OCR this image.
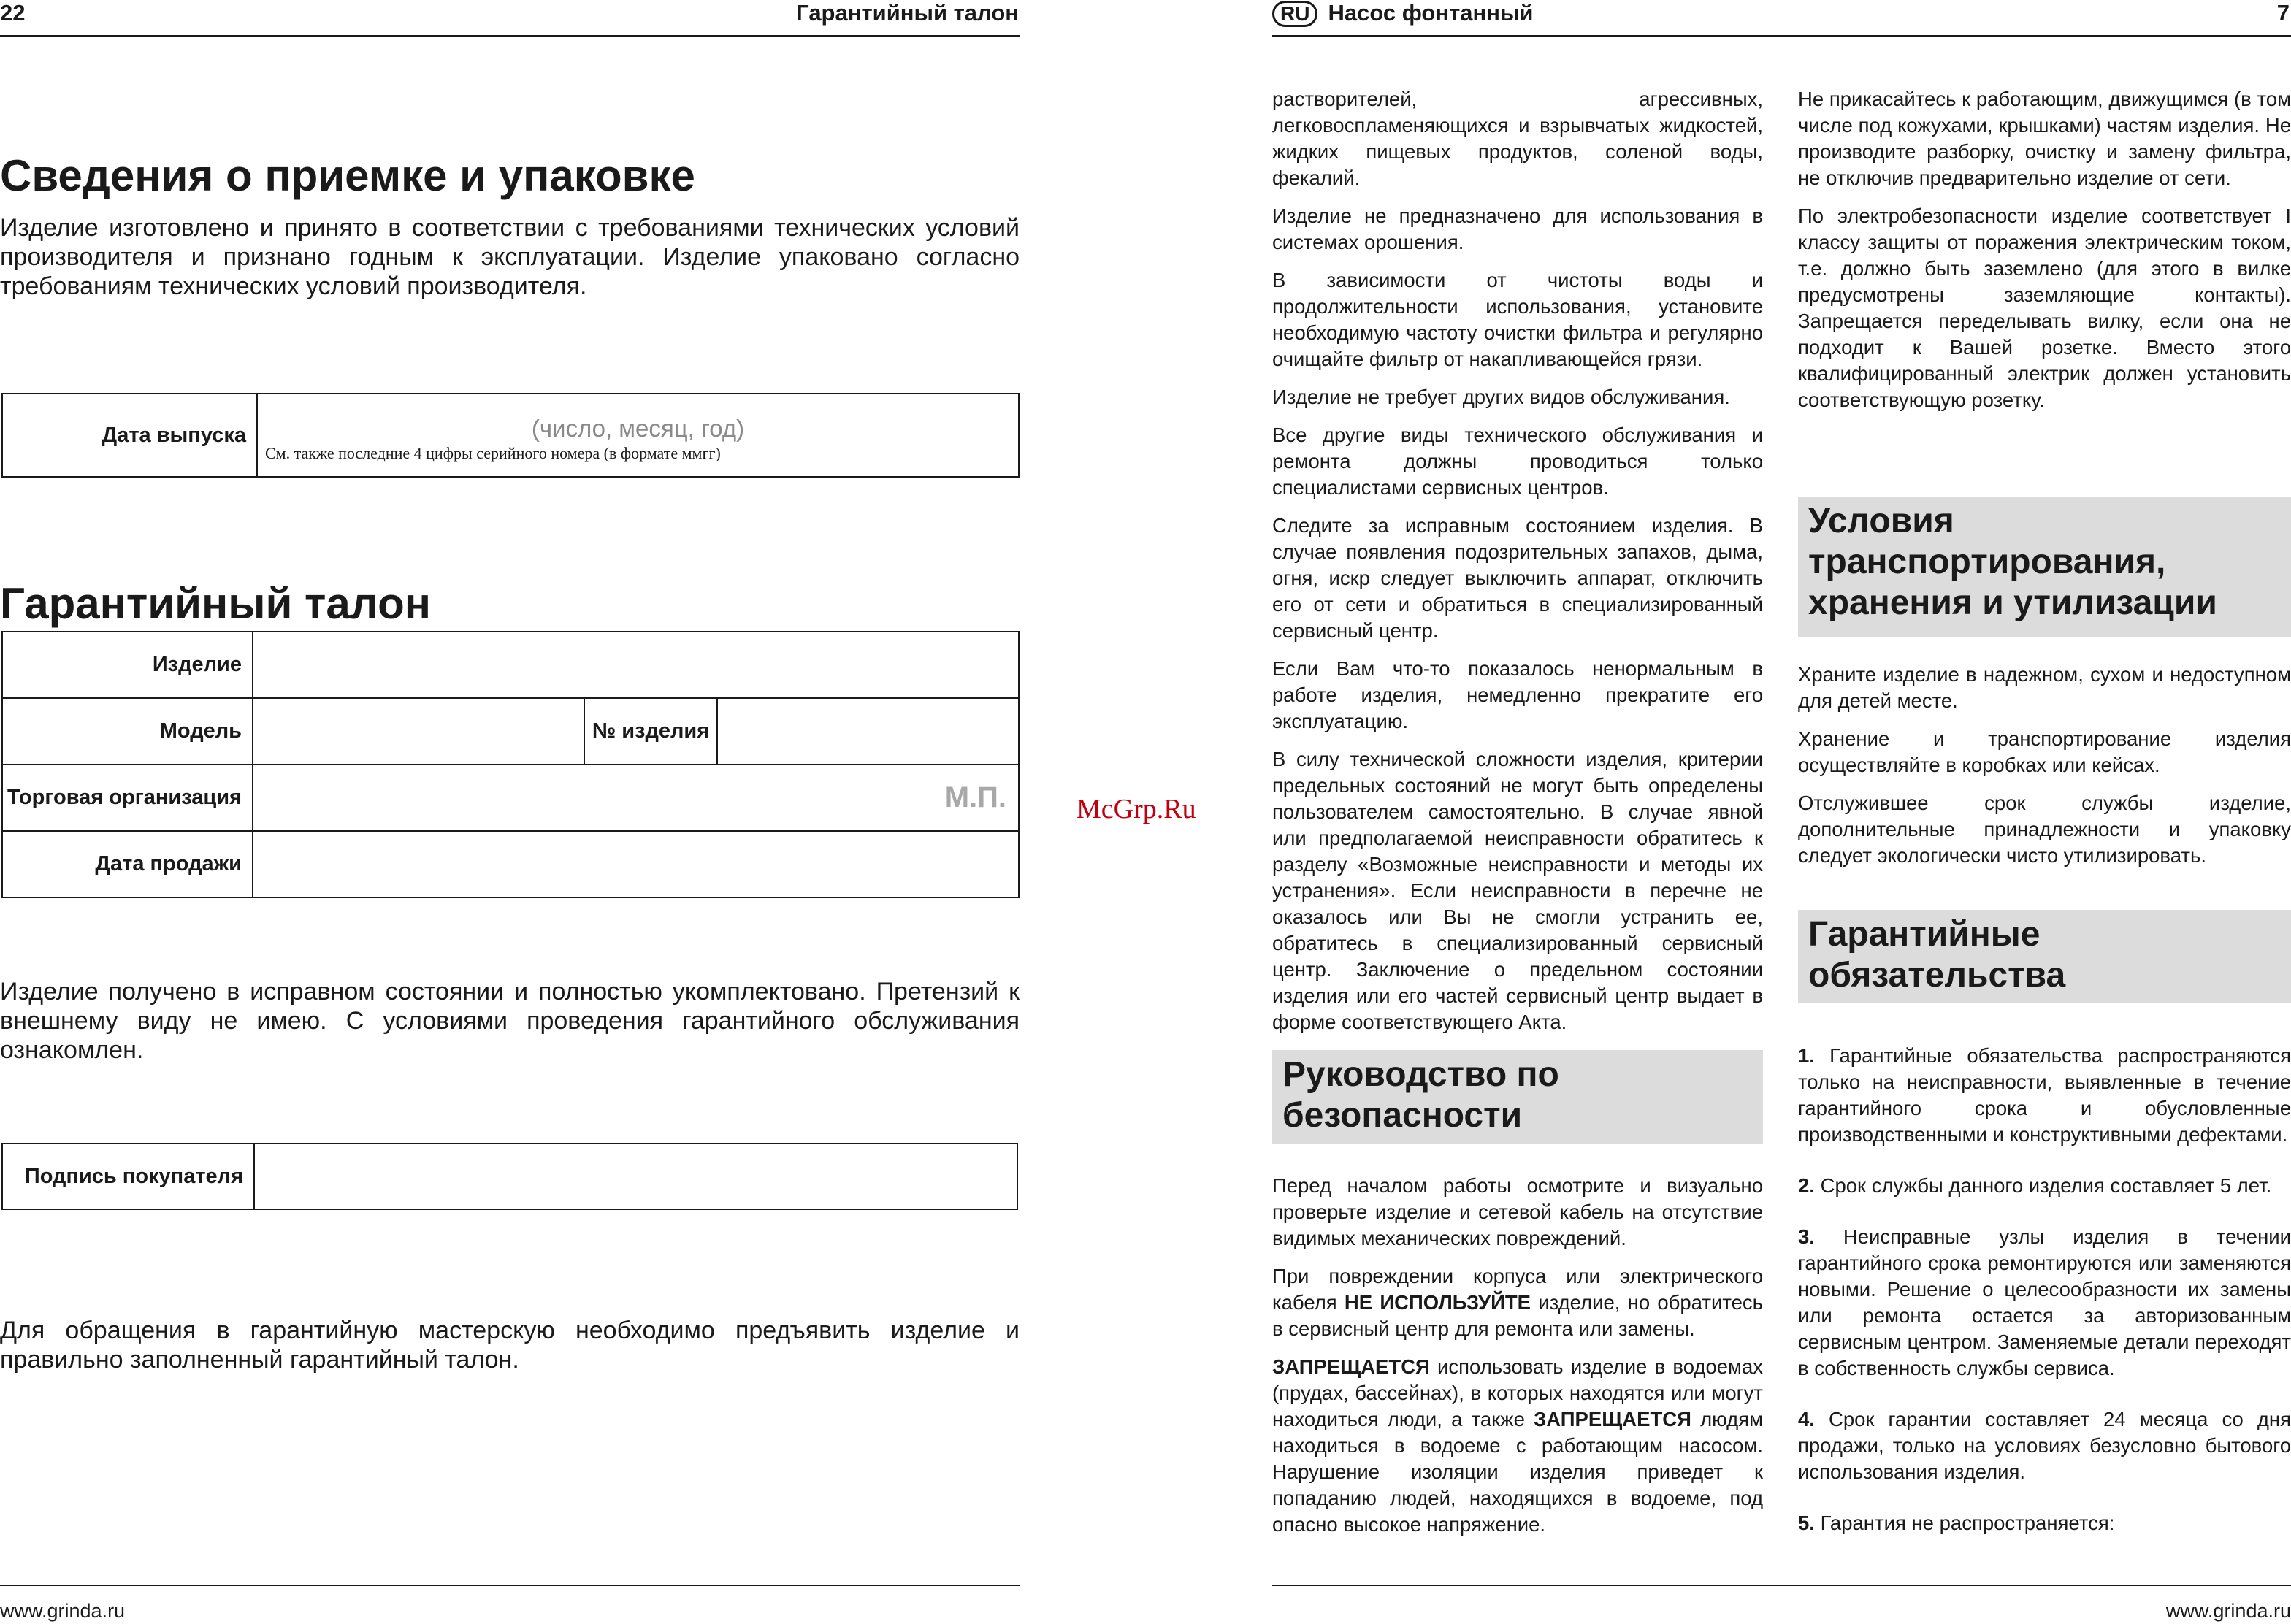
22	Гарантийный талон
Сведения о приемке и упаковке
Изделие изготовлено и принято в соответствии с требованиями технических условий производителя и признано годным к эксплуатации. Изделие упаковано согласно требованиям технических условий производителя.
Дата выпуска	(число, месяц, год)
См. также последние 4 цифры серийного номера (в формате ммгг)
Гарантийный талон
Изделие			
Модель		№ изделия	
Торговая организация	М.П.		
Дата продажи			
Изделие получено в исправном состоянии и полностью укомплектовано. Претензий к внешнему виду не имею. С условиями проведения гарантийного обслуживания ознакомлен.
Подпись покупателя	
Для обращения в гарантийную мастерскую необходимо предъявить изделие и правильно заполненный гарантийный талон.
www.grinda.ru
McGrp.Ru
RU Насос фонтанный	7

растворителей, агрессивных, легковоспламеняющихся и взрывчатых жидкостей, жидких пищевых продуктов, соленой воды, фекалий.

Изделие не предназначено для использования в системах орошения.

В зависимости от чистоты воды и продолжительности использования, установите необходимую частоту очистки фильтра и регулярно очищайте фильтр от накапливающейся грязи.

Изделие не требует других видов обслуживания.

Все другие виды технического обслуживания и ремонта должны проводиться только специалистами сервисных центров.

Следите за исправным состоянием изделия. В случае появления подозрительных запахов, дыма, огня, искр следует выключить аппарат, отключить его от сети и обратиться в специализированный сервисный центр.

Если Вам что-то показалось ненормальным в работе изделия, немедленно прекратите его эксплуатацию.

В силу технической сложности изделия, критерии предельных состояний не могут быть определены пользователем самостоятельно. В случае явной или предполагаемой неисправности обратитесь к разделу «Возможные неисправности и методы их устранения». Если неисправности в перечне не оказалось или Вы не смогли устранить ее, обратитесь в специализированный сервисный центр. Заключение о предельном состоянии изделия или его частей сервисный центр выдает в форме соответствующего Акта.

Руководство по безопасности

Перед началом работы осмотрите и визуально проверьте изделие и сетевой кабель на отсутствие видимых механических повреждений.

При повреждении корпуса или электрического кабеля НЕ ИСПОЛЬЗУЙТЕ изделие, но обратитесь в сервисный центр для ремонта или замены.

ЗАПРЕЩАЕТСЯ использовать изделие в водоемах (прудах, бассейнах), в которых находятся или могут находиться люди, а также ЗАПРЕЩАЕТСЯ людям находиться в водоеме с работающим насосом. Нарушение изоляции изделия приведет к попаданию людей, находящихся в водоеме, под опасно высокое напряжение.

Не прикасайтесь к работающим, движущимся (в том числе под кожухами, крышками) частям изделия. Не производите разборку, очистку и замену фильтра, не отключив предварительно изделие от сети.

По электробезопасности изделие соответствует I классу защиты от поражения электрическим током, т.е. должно быть заземлено (для этого в вилке предусмотрены заземляющие контакты). Запрещается переделывать вилку, если она не подходит к Вашей розетке. Вместо этого квалифицированный электрик должен установить соответствующую розетку.

Условия транспортирования, хранения и утилизации

Храните изделие в надежном, сухом и недоступном для детей месте.

Хранение и транспортирование изделия осуществляйте в коробках или кейсах.

Отслужившее срок службы изделие, дополнительные принадлежности и упаковку следует экологически чисто утилизировать.

Гарантийные обязательства

1. Гарантийные обязательства распространяются только на неисправности, выявленные в течение гарантийного срока и обусловленные производственными и конструктивными дефектами.

2. Срок службы данного изделия составляет 5 лет.

3. Неисправные узлы изделия в течении гарантийного срока ремонтируются или заменяются новыми. Решение о целесообразности их замены или ремонта остается за авторизованным сервисным центром. Заменяемые детали переходят в собственность службы сервиса.

4. Срок гарантии составляет 24 месяца со дня продажи, только на условиях безусловно бытового использования изделия.

5. Гарантия не распространяется:

www.grinda.ru
